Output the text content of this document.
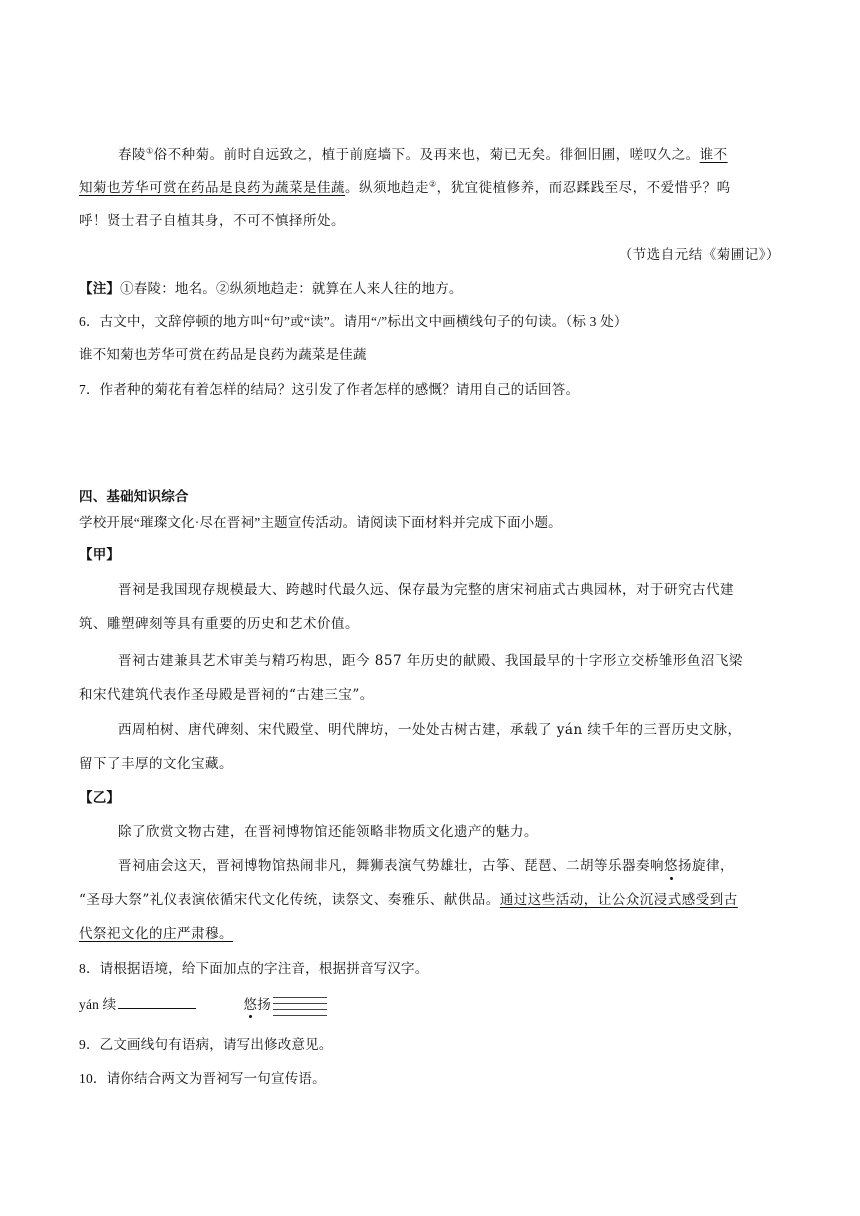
春陵①俗不种菊。前时自远致之，植于前庭墙下。及再来也，菊已无矣。徘徊旧圃，嗟叹久之。谁不
知菊也芳华可赏在药品是良药为蔬菜是佳蔬。纵须地趋走②，犹宜徙植修养，而忍蹂践至尽，不爱惜乎？呜
呼！贤士君子自植其身，不可不慎择所处。
（节选自元结《菊圃记》）
【注】①春陵：地名。②纵须地趋走：就算在人来人往的地方。
6．古文中，文辞停顿的地方叫“句”或“读”。请用“/”标出文中画横线句子的句读。（标 3 处）
谁不知菊也芳华可赏在药品是良药为蔬菜是佳蔬
7．作者种的菊花有着怎样的结局？这引发了作者怎样的感慨？请用自己的话回答。
四、基础知识综合
学校开展“璀璨文化·尽在晋祠”主题宣传活动。请阅读下面材料并完成下面小题。
【甲】
晋祠是我国现存规模最大、跨越时代最久远、保存最为完整的唐宋祠庙式古典园林，对于研究古代建
筑、雕塑碑刻等具有重要的历史和艺术价值。
晋祠古建兼具艺术审美与精巧构思，距今 857 年历史的献殿、我国最早的十字形立交桥雏形鱼沼飞梁
和宋代建筑代表作圣母殿是晋祠的“古建三宝”。
西周柏树、唐代碑刻、宋代殿堂、明代牌坊，一处处古树古建，承载了 yán 续千年的三晋历史文脉，
留下了丰厚的文化宝藏。
【乙】
除了欣赏文物古建，在晋祠博物馆还能领略非物质文化遗产的魅力。
晋祠庙会这天，晋祠博物馆热闹非凡，舞狮表演气势雄壮，古筝、琵琶、二胡等乐器奏响悠扬旋律，
“圣母大祭”礼仪表演依循宋代文化传统，读祭文、奏雅乐、献供品。通过这些活动，让公众沉浸式感受到古
代祭祀文化的庄严肃穆。
8．请根据语境，给下面加点的字注音，根据拼音写汉字。
yán 续	悠扬
9．乙文画线句有语病，请写出修改意见。
10．请你结合两文为晋祠写一句宣传语。
